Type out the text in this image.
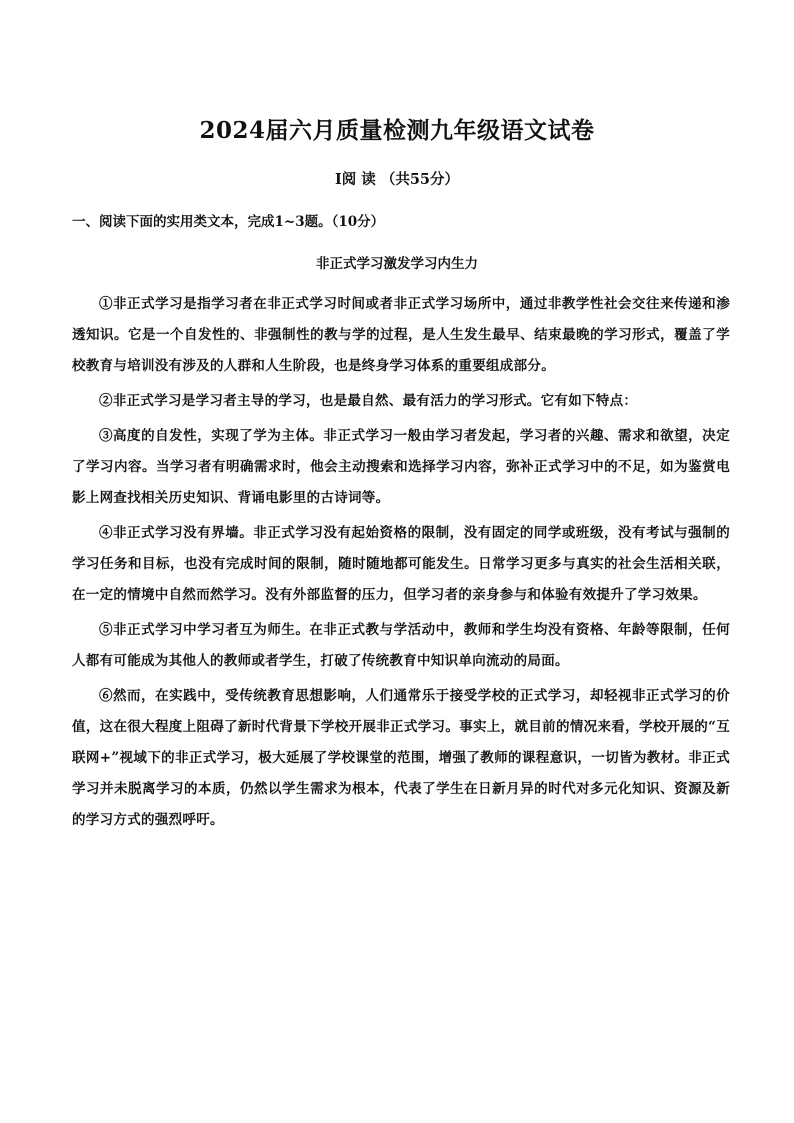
2024届六月质量检测九年级语文试卷
Ⅰ阅 读 （共55分）
一、阅读下面的实用类文本，完成1~3题。（10分）
非正式学习激发学习内生力

①非正式学习是指学习者在非正式学习时间或者非正式学习场所中，通过非教学性社会交往来传递和渗透知识。它是一个自发性的、非强制性的教与学的过程，是人生发生最早、结束最晚的学习形式，覆盖了学校教育与培训没有涉及的人群和人生阶段，也是终身学习体系的重要组成部分。

②非正式学习是学习者主导的学习，也是最自然、最有活力的学习形式。它有如下特点：

③高度的自发性，实现了学为主体。非正式学习一般由学习者发起，学习者的兴趣、需求和欲望，决定了学习内容。当学习者有明确需求时，他会主动搜索和选择学习内容，弥补正式学习中的不足，如为鉴赏电影上网查找相关历史知识、背诵电影里的古诗词等。

④非正式学习没有界墙。非正式学习没有起始资格的限制，没有固定的同学或班级，没有考试与强制的学习任务和目标，也没有完成时间的限制，随时随地都可能发生。日常学习更多与真实的社会生活相关联，在一定的情境中自然而然学习。没有外部监督的压力，但学习者的亲身参与和体验有效提升了学习效果。

⑤非正式学习中学习者互为师生。在非正式教与学活动中，教师和学生均没有资格、年龄等限制，任何人都有可能成为其他人的教师或者学生，打破了传统教育中知识单向流动的局面。

⑥然而，在实践中，受传统教育思想影响，人们通常乐于接受学校的正式学习，却轻视非正式学习的价值，这在很大程度上阻碍了新时代背景下学校开展非正式学习。事实上，就目前的情况来看，学校开展的“互联网+”视域下的非正式学习，极大延展了学校课堂的范围，增强了教师的课程意识，一切皆为教材。非正式学习并未脱离学习的本质，仍然以学生需求为根本，代表了学生在日新月异的时代对多元化知识、资源及新的学习方式的强烈呼吁。
